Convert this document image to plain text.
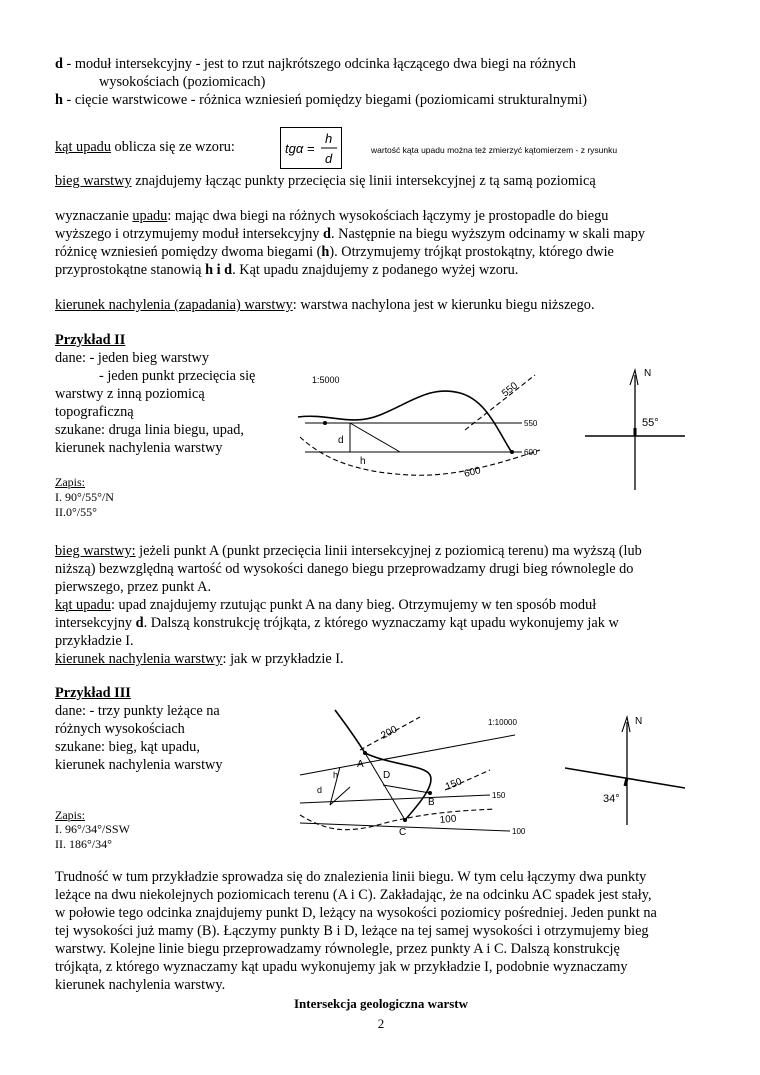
d - moduł intersekcyjny - jest to rzut najkrótszego odcinka łączącego dwa biegi na różnych

wysokościach (poziomicach)

h - cięcie warstwicowe - różnica wzniesień pomiędzy biegami (poziomicami strukturalnymi)

kąt upadu oblicza się ze wzoru:	tgα =
h
d
wartość kąta upadu można też zmierzyć kątomierzem - z rysunku

bieg warstwy znajdujemy łącząc punkty przecięcia się linii intersekcyjnej z tą samą poziomicą

wyznaczanie upadu: mając dwa biegi na różnych wysokościach łączymy je prostopadle do biegu

wyższego i otrzymujemy moduł intersekcyjny d. Następnie na biegu wyższym odcinamy w skali mapy

różnicę wzniesień pomiędzy dwoma biegami (h). Otrzymujemy trójkąt prostokątny, którego dwie

przyprostokątne stanowią h i d. Kąt upadu znajdujemy z podanego wyżej wzoru.

kierunek nachylenia (zapadania) warstwy: warstwa nachylona jest w kierunku biegu niższego.

Przykład II

dane: - jeden bieg warstwy

- jeden punkt przecięcia się

warstwy z inną poziomicą

topograficzną

szukane: druga linia biegu, upad,

kierunek nachylenia warstwy

Zapis:

I. 90°/55°/N

II.0°/55°

1:5000
550
550
600
600
d
h
N
55°

bieg warstwy: jeżeli punkt A (punkt przecięcia linii intersekcyjnej z poziomicą terenu) ma wyższą (lub

niższą) bezwzględną wartość od wysokości danego biegu przeprowadzamy drugi bieg równolegle do

pierwszego, przez punkt A.

kąt upadu: upad znajdujemy rzutując punkt A na dany bieg. Otrzymujemy w ten sposób moduł

intersekcyjny d. Dalszą konstrukcję trójkąta, z którego wyznaczamy kąt upadu wykonujemy jak w

przykładzie I.

kierunek nachylenia warstwy: jak w przykładzie I.

Przykład III

dane: - trzy punkty leżące na

różnych wysokościach

szukane: bieg, kąt upadu,

kierunek nachylenia warstwy

Zapis:

I. 96°/34°/SSW

II. 186°/34°

1:10000
200
150
100
150
100
h
d
A
B
C
D
N
34°

Trudność w tum przykładzie sprowadza się do znalezienia linii biegu. W tym celu łączymy dwa punkty

leżące na dwu niekolejnych poziomicach terenu (A i C). Zakładając, że na odcinku AC spadek jest stały,

w połowie tego odcinka znajdujemy punkt D, leżący na wysokości poziomicy pośredniej. Jeden punkt na

tej wysokości już mamy (B). Łączymy punkty B i D, leżące na tej samej wysokości i otrzymujemy bieg

warstwy. Kolejne linie biegu przeprowadzamy równolegle, przez punkty A i C. Dalszą konstrukcję

trójkąta, z którego wyznaczamy kąt upadu wykonujemy jak w przykładzie I, podobnie wyznaczamy

kierunek nachylenia warstwy.

Intersekcja geologiczna warstw

2
